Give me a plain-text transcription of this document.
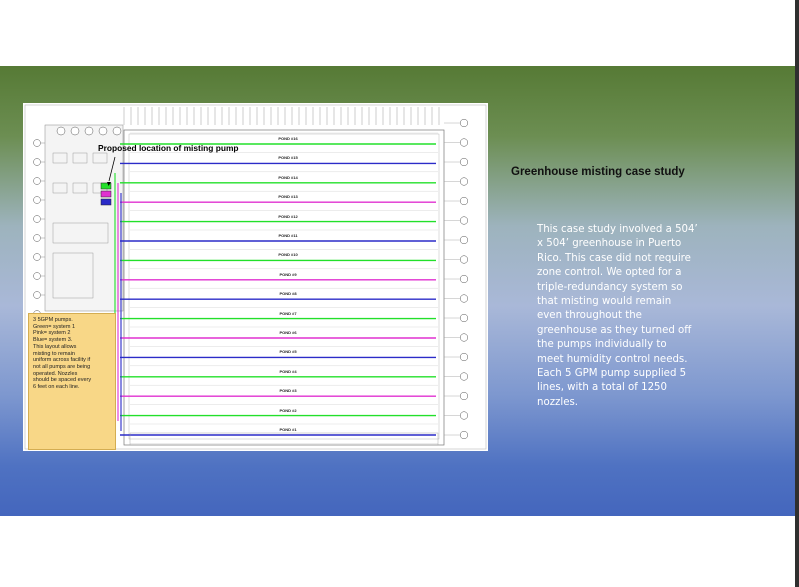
POND #16
POND #15
POND #14
POND #13
POND #12
POND #11
POND #10
POND #9
POND #8
POND #7
POND #6
POND #5
POND #4
POND #3
POND #2
POND #1
Proposed location of misting pump

3 5GPM pumps.
Green= system 1
Pink= system 2
Blue= system 3.
This layout allows
misting to remain
uniform across facility if
not all pumps are being
operated. Nozzles
should be spaced every
6 feet on each line.

Greenhouse misting case study

This case study involved a 504’
x 504’ greenhouse in Puerto
Rico. This case did not require
zone control. We opted for a
triple-redundancy system so
that misting would remain
even throughout the
greenhouse as they turned off
the pumps individually to
meet humidity control needs.
Each 5 GPM pump supplied 5
lines, with a total of 1250
nozzles.
